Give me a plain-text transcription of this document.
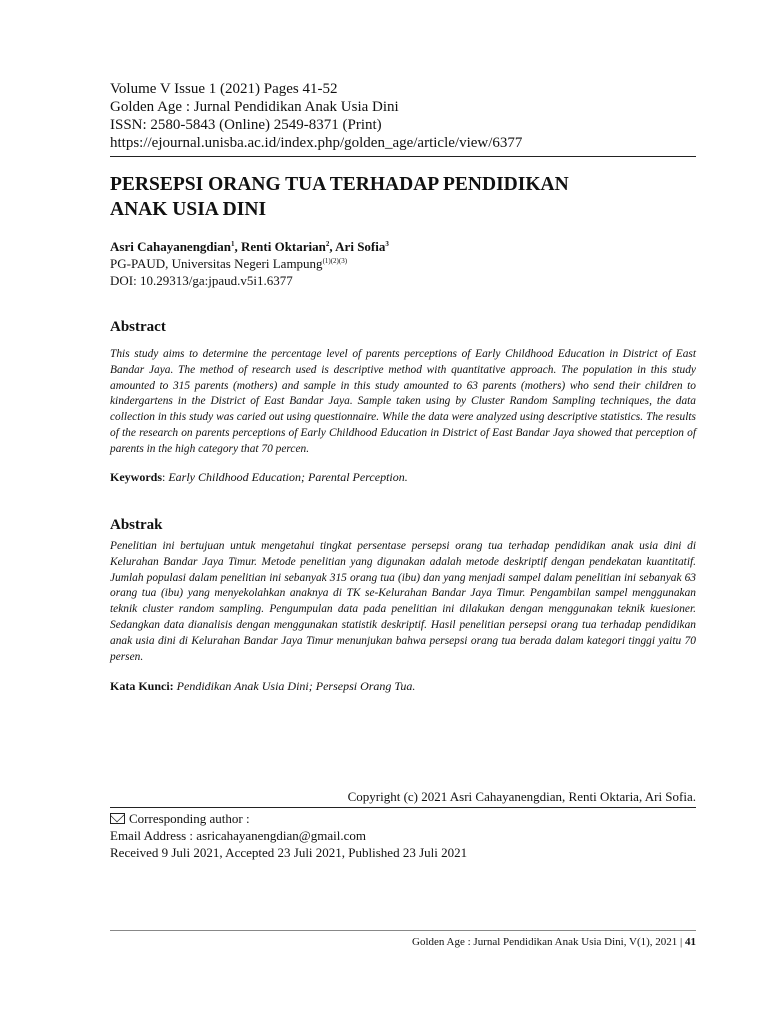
Volume V Issue 1 (2021) Pages 41-52
Golden Age : Jurnal Pendidikan Anak Usia Dini
ISSN: 2580-5843 (Online) 2549-8371 (Print)
https://ejournal.unisba.ac.id/index.php/golden_age/article/view/6377
PERSEPSI ORANG TUA TERHADAP PENDIDIKAN
ANAK USIA DINI
Asri Cahayanengdian$^1$, Renti Oktarian$^2$, Ari Sofia$^3$
PG-PAUD, Universitas Negeri Lampung$^{(1)(2)(3)}$
DOI: 10.29313/ga:jpaud.v5i1.6377
Abstract

This study aims to determine the percentage level of parents perceptions of Early Childhood Education in District of East Bandar Jaya. The method of research used is descriptive method with quantitative approach. The population in this study amounted to 315 parents (mothers) and sample in this study amounted to 63 parents (mothers) who send their children to kindergartens in the District of East Bandar Jaya. Sample taken using by Cluster Random Sampling techniques, the data collection in this study was caried out using questionnaire. While the data were analyzed using descriptive statistics. The results of the research on parents perceptions of Early Childhood Education in District of East Bandar Jaya showed that perception of parents in the high category that 70 percen.

Keywords: Early Childhood Education; Parental Perception.
Abstrak

Penelitian ini bertujuan untuk mengetahui tingkat persentase persepsi orang tua terhadap pendidikan anak usia dini di Kelurahan Bandar Jaya Timur. Metode penelitian yang digunakan adalah metode deskriptif dengan pendekatan kuantitatif. Jumlah populasi dalam penelitian ini sebanyak 315 orang tua (ibu) dan yang menjadi sampel dalam penelitian ini sebanyak 63 orang tua (ibu) yang menyekolahkan anaknya di TK se-Kelurahan Bandar Jaya Timur. Pengambilan sampel menggunakan teknik cluster random sampling. Pengumpulan data pada penelitian ini dilakukan dengan menggunakan teknik kuesioner. Sedangkan data dianalisis dengan menggunakan statistik deskriptif. Hasil penelitian persepsi orang tua terhadap pendidikan anak usia dini di Kelurahan Bandar Jaya Timur menunjukan bahwa persepsi orang tua berada dalam kategori tinggi yaitu 70 persen.

Kata Kunci: Pendidikan Anak Usia Dini; Persepsi Orang Tua.
Copyright (c) 2021 Asri Cahayanengdian, Renti Oktaria, Ari Sofia.
Corresponding author :
Email Address : asricahayanengdian@gmail.com
Received 9 Juli 2021, Accepted 23 Juli 2021, Published 23 Juli 2021
Golden Age : Jurnal Pendidikan Anak Usia Dini, V(1), 2021 | 41
